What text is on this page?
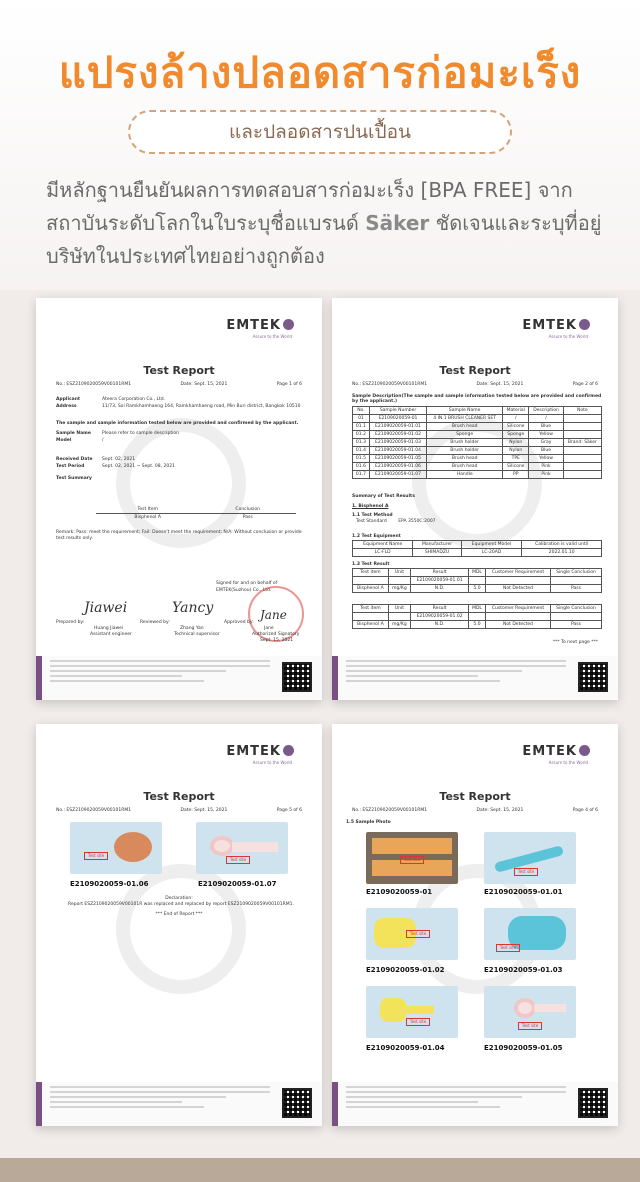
แปรงล้างปลอดสารก่อมะเร็ง
และปลอดสารปนเปื้อน
มีหลักฐานยืนยันผลการทดสอบสารก่อมะเร็ง [BPA FREE] จากสถาบันระดับโลกในใบระบุชื่อแบรนด์ Säker ชัดเจนและระบุที่อยู่บริษัทในประเทศไทยอย่างถูกต้อง
EMTEK
Assure to the World
Test Report
No.: ESZ2109020059V00101RM1	Date: Sept. 15, 2021	Page 1 of 6
Applicant	Ateera Corporation Co., Ltd.
Address	11/73, Soi Ramkhamhaeng 164, Ramkhamhaeng road, Min Buri district, Bangkok 10510
The sample and sample information tested below are provided and confirmed by the applicant.
Sample Name Please refer to sample description
Model	/
Received Date Sept. 02, 2021
Test Period	Sept. 02, 2021 ~ Sept. 08, 2021
Test Summary
Test Item	Conclusion
Bisphenol A	Pass
Remark: Pass: meet the requirement; Fail: Doesn't meet the requirement; N/A: Without conclusion or provide test results only.
Signed for and on behalf of
EMTEK(Suzhou) Co., Ltd.
Prepared by:
Jiawei
Huang Jiawei
Assistant engineer
Reviewed by:
Yancy
Zhang Yan
Technical supervisor
Approved by:
Jane
Jane
Authorized Signatory
Sept. 15, 2021
EMTEK
Assure to the World
Test Report
No.: ESZ2109020059V00101RM1	Date: Sept. 15, 2021	Page 2 of 6
Sample Description(The sample and sample information tested below are provided and confirmed by the applicant.)
No.	Sample Number	Sample Name	Material	Description	Note
01	E2109020059-01	4 IN 1 BRUSH CLEANER SET	/	/	
01.1	E2109020059-01.01	Brush head	Silicone	Blue	
01.2	E2109020059-01.02	Sponge	Sponge	Yellow	
01.3	E2109020059-01.03	Brush holder	Nylon	Gray	Brand: Säker
01.4	E2109020059-01.04	Brush holder	Nylon	Blue	
01.5	E2109020059-01.05	Brush head	TPE	Yellow	
01.6	E2109020059-01.06	Brush head	Silicone	Pink	
01.7	E2109020059-01.07	Handle	PP	Pink	
Summary of Test Results
1. Bisphenol A
1.1 Test Method
Test Standard        EPA 3550C:2007
1.2 Test Equipment
Equipment Name	Manufacturer	Equipment Model	Calibration is valid until
LC-FLD	SHIMADZU	LC-20AD	2022.01.10
1.3 Test Result
Test item	Unit	Result	MDL	Customer Requirement	Single Conclusion
		E2109020059-01.01			
Bisphenol A	mg/Kg	N.D.	5.0	Not Detected	Pass
Test item	Unit	Result	MDL	Customer Requirement	Single Conclusion
		E2109020059-01.02			
Bisphenol A	mg/Kg	N.D.	5.0	Not Detected	Pass
*** To next page ***
EMTEK
Assure to the World
Test Report
No.: ESZ2109020059V00101RM1	Date: Sept. 15, 2021	Page 5 of 6
Test site
Test site
E2109020059-01.06	E2109020059-01.07
Declaration:
Report ESZ2109020059V00101R was replaced and replaced by report ESZ2109020059V00101RM1.
*** End of Report ***
EMTEK
Assure to the World
Test Report
No.: ESZ2109020059V00101RM1	Date: Sept. 15, 2021	Page 4 of 6
1.5 Sample Photo
Test site
Test site
E2109020059-01	E2109020059-01.01
Test site
Test site
E2109020059-01.02	E2109020059-01.03
Test site
Test site
E2109020059-01.04	E2109020059-01.05
